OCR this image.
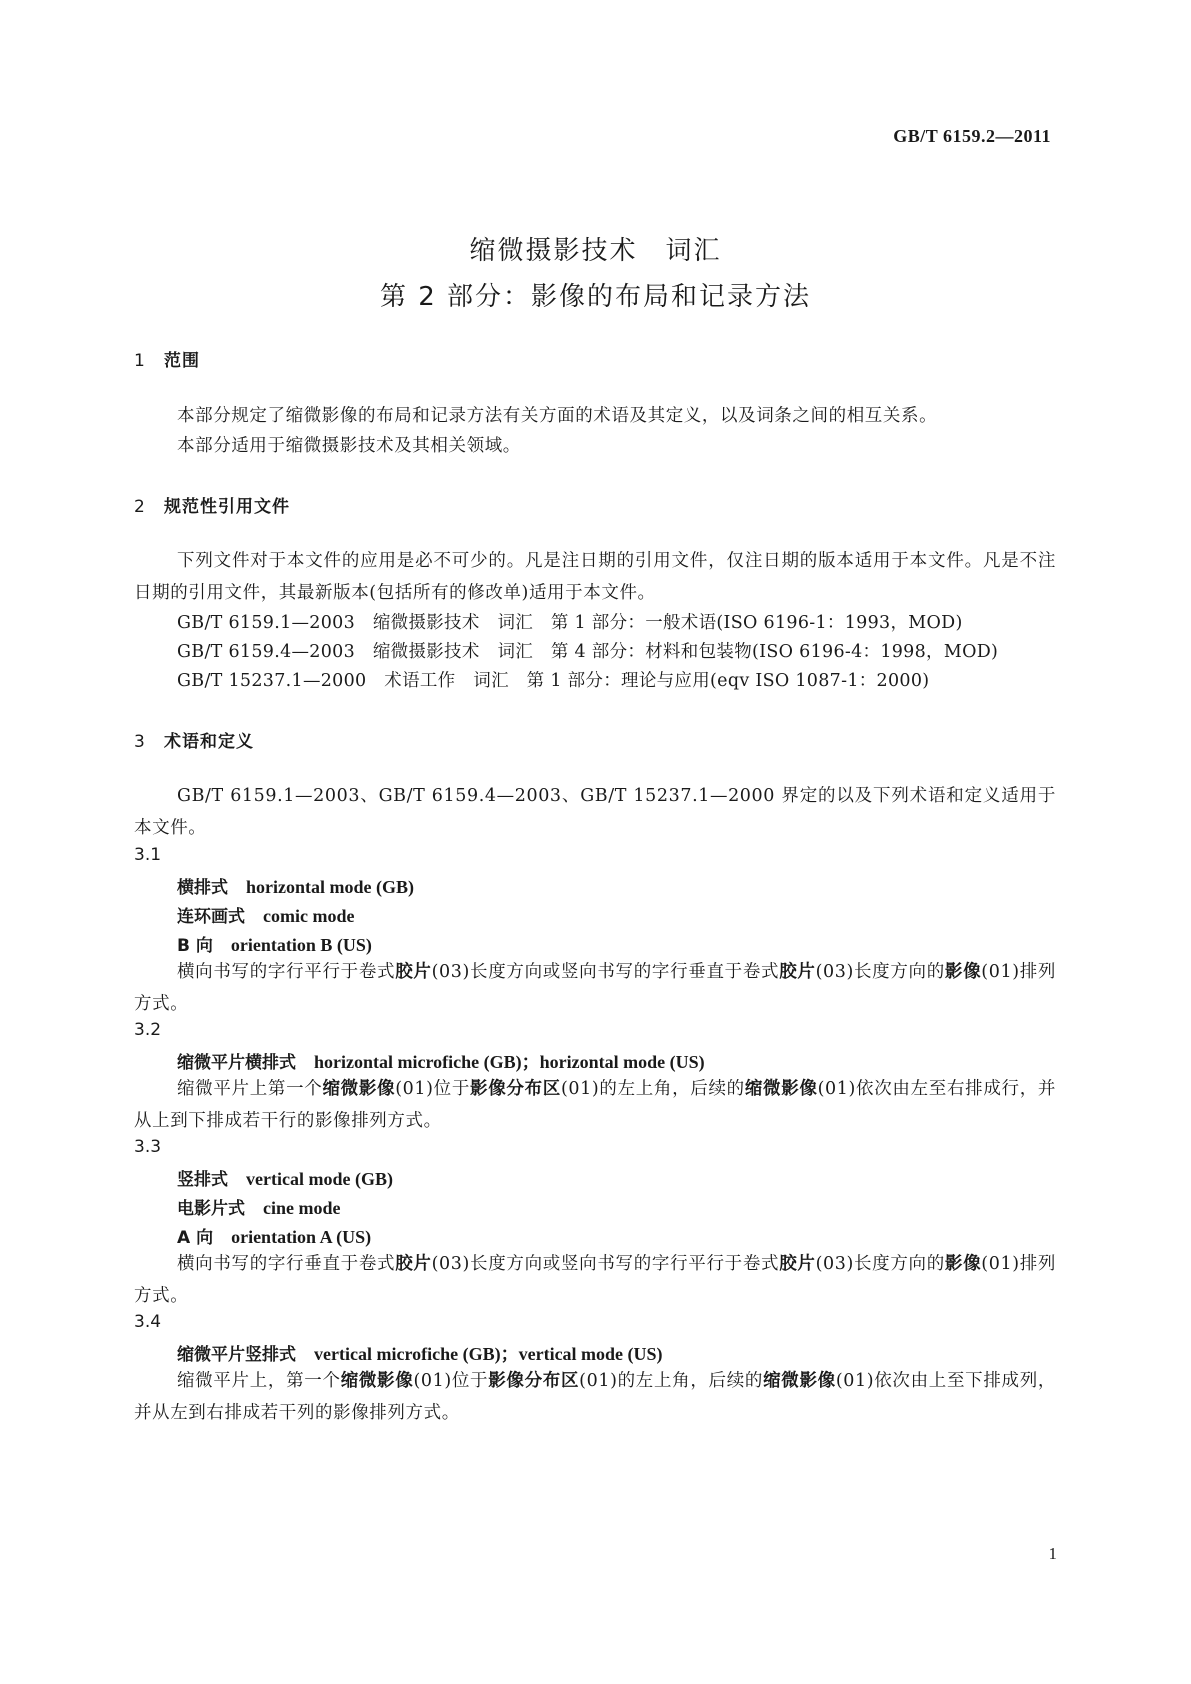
GB/T 6159.2—2011
缩微摄影技术　词汇
第 2 部分：影像的布局和记录方法
1 范围
本部分规定了缩微影像的布局和记录方法有关方面的术语及其定义，以及词条之间的相互关系。
本部分适用于缩微摄影技术及其相关领域。
2 规范性引用文件
下列文件对于本文件的应用是必不可少的。凡是注日期的引用文件，仅注日期的版本适用于本文件。凡是不注日期的引用文件，其最新版本(包括所有的修改单)适用于本文件。
GB/T 6159.1—2003　缩微摄影技术　词汇　第 1 部分：一般术语(ISO 6196-1：1993，MOD)
GB/T 6159.4—2003　缩微摄影技术　词汇　第 4 部分：材料和包装物(ISO 6196-4：1998，MOD)
GB/T 15237.1—2000　术语工作　词汇　第 1 部分：理论与应用(eqv ISO 1087-1：2000)
3 术语和定义
GB/T 6159.1—2003、GB/T 6159.4—2003、GB/T 15237.1—2000 界定的以及下列术语和定义适用于本文件。
3.1
横排式 horizontal mode (GB)
连环画式 comic mode
B 向 orientation B (US)
横向书写的字行平行于卷式胶片(03)长度方向或竖向书写的字行垂直于卷式胶片(03)长度方向的影像(01)排列方式。
3.2
缩微平片横排式 horizontal microfiche (GB)；horizontal mode (US)
缩微平片上第一个缩微影像(01)位于影像分布区(01)的左上角，后续的缩微影像(01)依次由左至右排成行，并从上到下排成若干行的影像排列方式。
3.3
竖排式 vertical mode (GB)
电影片式 cine mode
A 向 orientation A (US)
横向书写的字行垂直于卷式胶片(03)长度方向或竖向书写的字行平行于卷式胶片(03)长度方向的影像(01)排列方式。
3.4
缩微平片竖排式 vertical microfiche (GB)；vertical mode (US)
缩微平片上，第一个缩微影像(01)位于影像分布区(01)的左上角，后续的缩微影像(01)依次由上至下排成列，并从左到右排成若干列的影像排列方式。
1
